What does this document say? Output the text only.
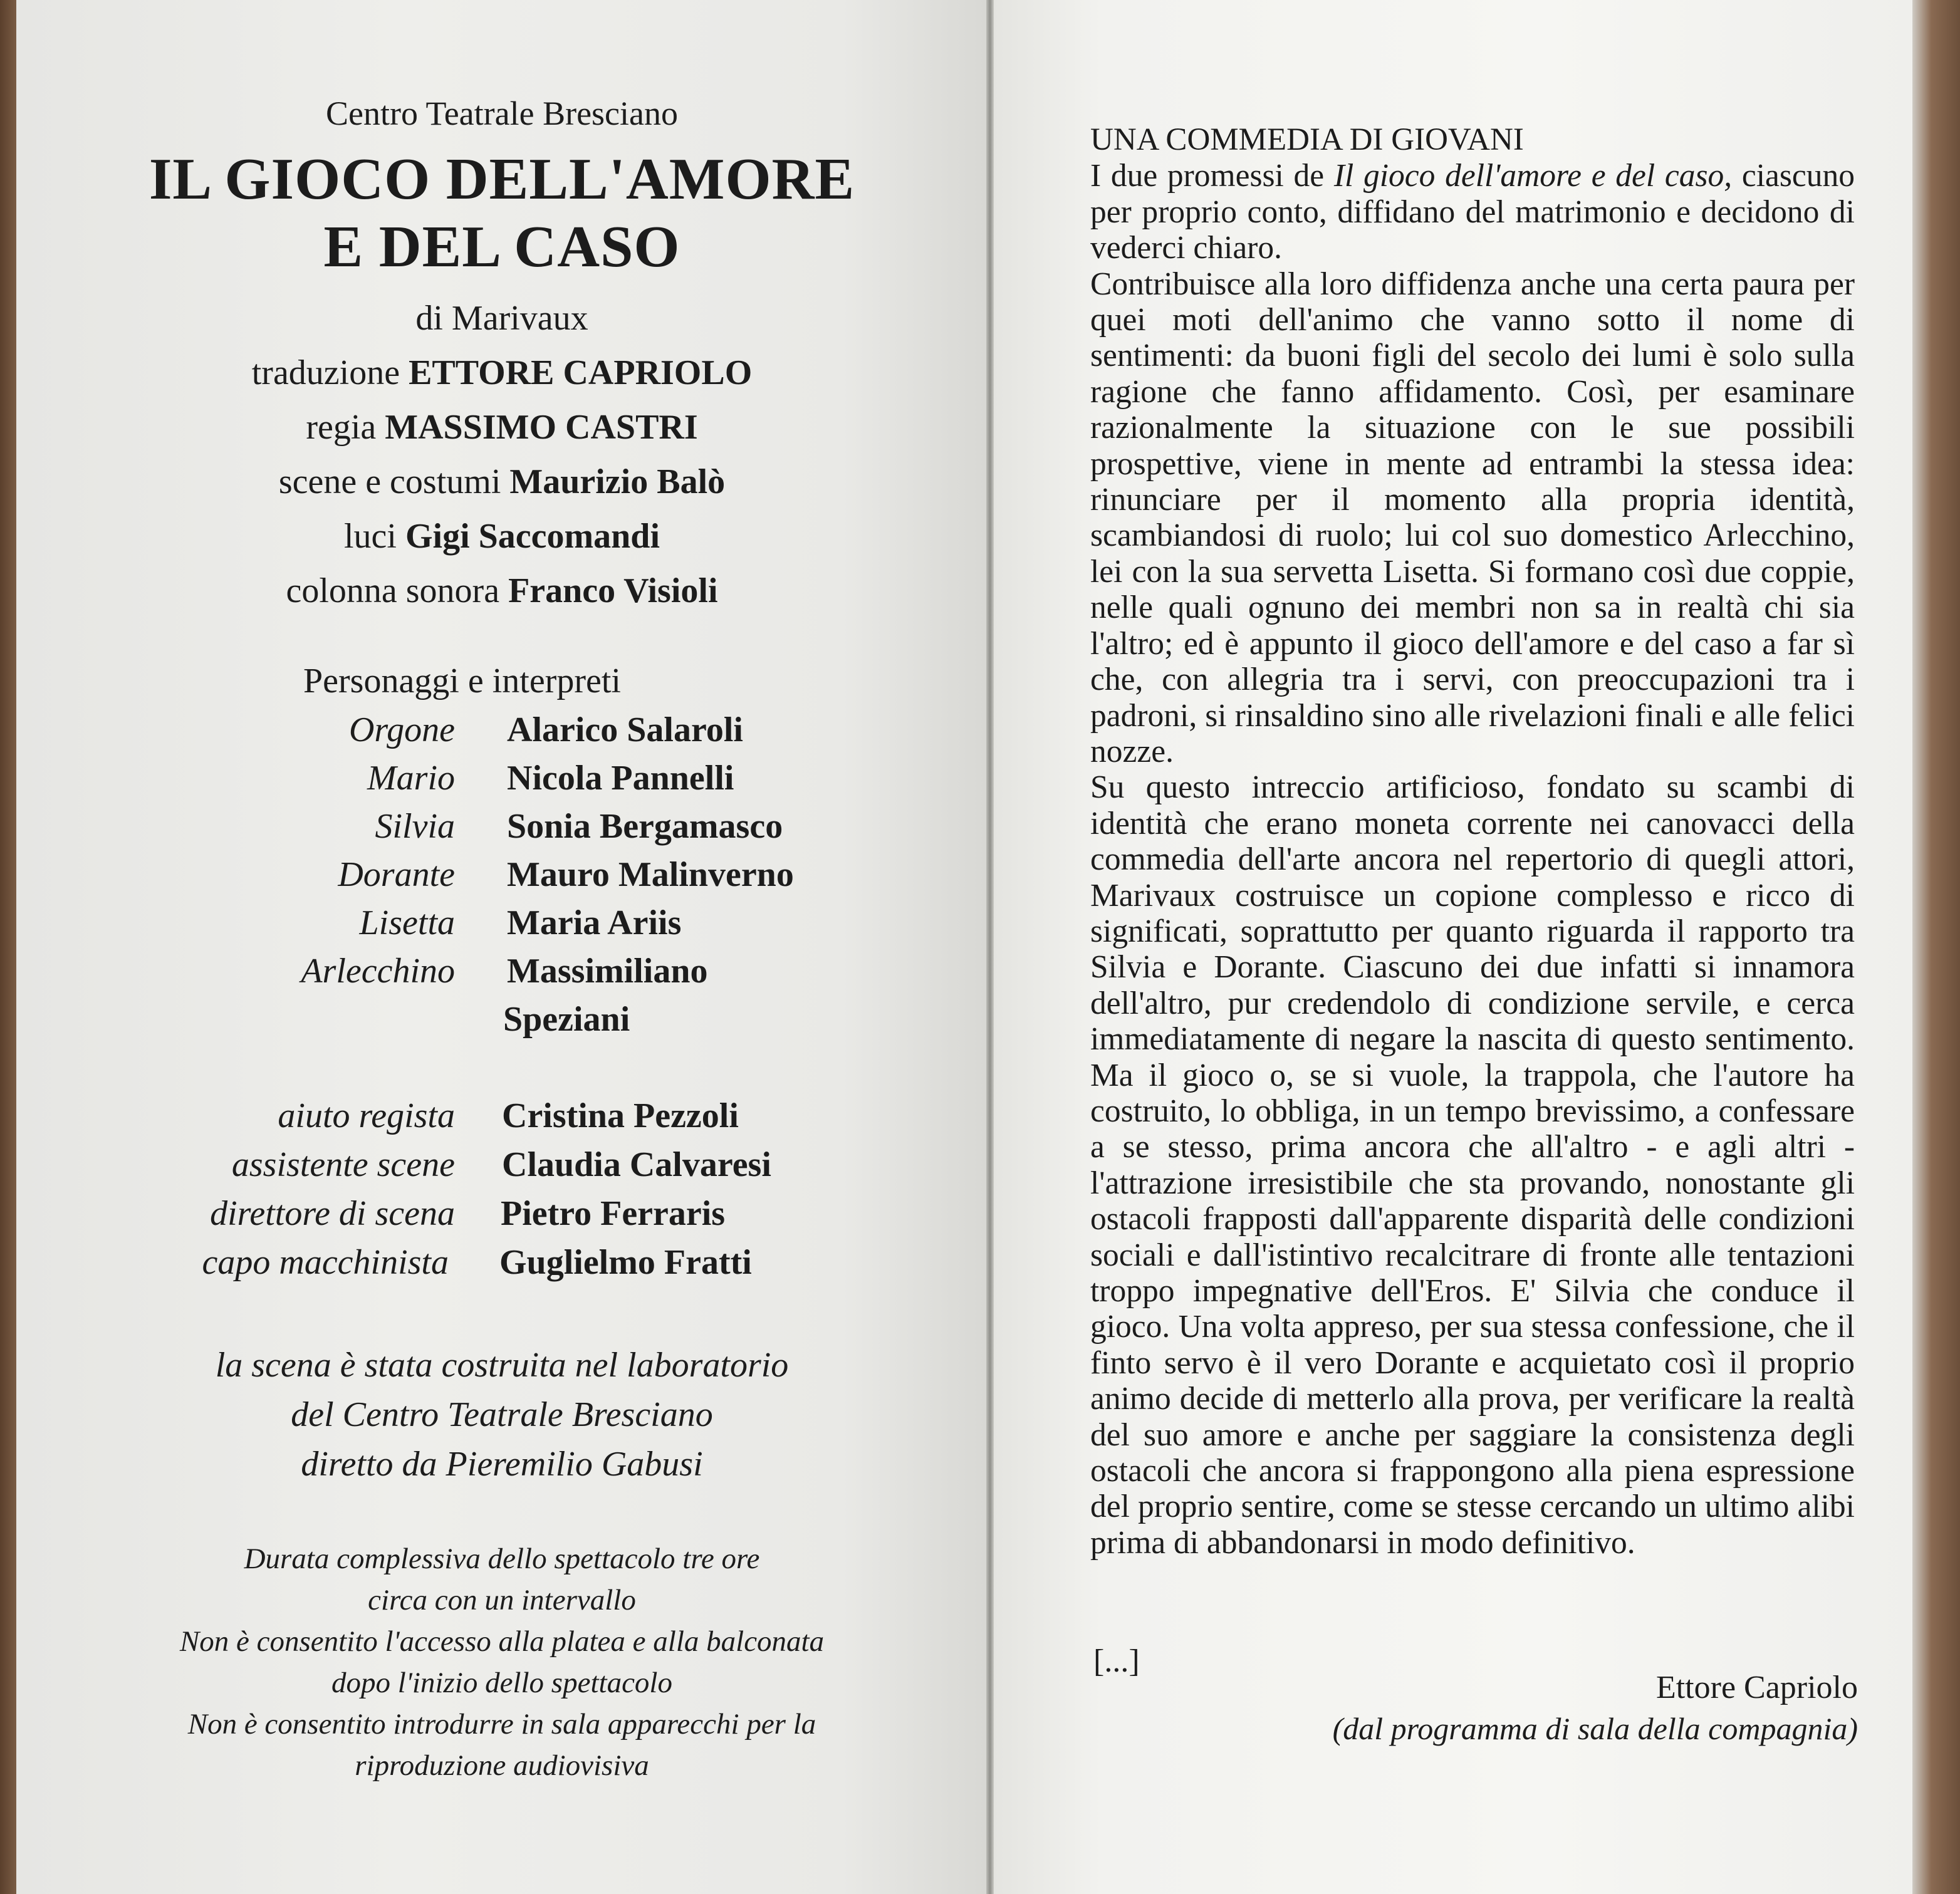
Centro Teatrale Bresciano
IL GIOCO DELL'AMORE
E DEL CASO
di Marivaux
traduzione ETTORE CAPRIOLO
regia MASSIMO CASTRI
scene e costumi Maurizio Balò
luci Gigi Saccomandi
colonna sonora Franco Visioli
Personaggi e interpreti
Orgone Alarico Salaroli
Mario Nicola Pannelli
Silvia Sonia Bergamasco
Dorante Mauro Malinverno
Lisetta Maria Ariis
Arlecchino Massimiliano
Speziani
aiuto regista Cristina Pezzoli
assistente scene Claudia Calvaresi
direttore di scena Pietro Ferraris
capo macchinista Guglielmo Fratti
la scena è stata costruita nel laboratorio
del Centro Teatrale Bresciano
diretto da Pieremilio Gabusi
Durata complessiva dello spettacolo tre ore
circa con un intervallo
Non è consentito l'accesso alla platea e alla balconata
dopo l'inizio dello spettacolo
Non è consentito introdurre in sala apparecchi per la
riproduzione audiovisiva

UNA COMMEDIA DI GIOVANI

I due promessi de Il gioco dell'amore e del caso, ciascuno per proprio conto, diffidano del matrimonio e decidono di vederci chiaro.

Contribuisce alla loro diffidenza anche una certa paura per quei moti dell'animo che vanno sotto il nome di sentimenti: da buoni figli del secolo dei lumi è solo sulla ragione che fanno affidamento. Così, per esaminare razionalmente la situazione con le sue possibili prospettive, viene in mente ad entrambi la stessa idea: rinunciare per il momento alla propria identità, scambiandosi di ruolo; lui col suo domestico Arlecchino, lei con la sua servetta Lisetta. Si formano così due coppie, nelle quali ognuno dei membri non sa in realtà chi sia l'altro; ed è appunto il gioco dell'amore e del caso a far sì che, con allegria tra i servi, con preoccupazioni tra i padroni, si rinsaldino sino alle rivelazioni finali e alle felici nozze.

Su questo intreccio artificioso, fondato su scambi di identità che erano moneta corrente nei canovacci della commedia dell'arte ancora nel repertorio di quegli attori, Marivaux costruisce un copione complesso e ricco di significati, soprattutto per quanto riguarda il rapporto tra Silvia e Dorante. Ciascuno dei due infatti si innamora dell'altro, pur credendolo di condizione servile, e cerca immediatamente di negare la nascita di questo sentimento. Ma il gioco o, se si vuole, la trappola, che l'autore ha costruito, lo obbliga, in un tempo brevissimo, a confessare a se stesso, prima ancora che all'altro - e agli altri - l'attrazione irresistibile che sta provando, nonostante gli ostacoli frapposti dall'apparente disparità delle condizioni sociali e dall'istintivo recalcitrare di fronte alle tentazioni troppo impegnative dell'Eros. E' Silvia che conduce il gioco. Una volta appreso, per sua stessa confessione, che il finto servo è il vero Dorante e acquietato così il proprio animo decide di metterlo alla prova, per verificare la realtà del suo amore e anche per saggiare la consistenza degli ostacoli che ancora si frappongono alla piena espressione del proprio sentire, come se stesse cercando un ultimo alibi prima di abbandonarsi in modo definitivo.

[...]
Ettore Capriolo
(dal programma di sala della compagnia)
